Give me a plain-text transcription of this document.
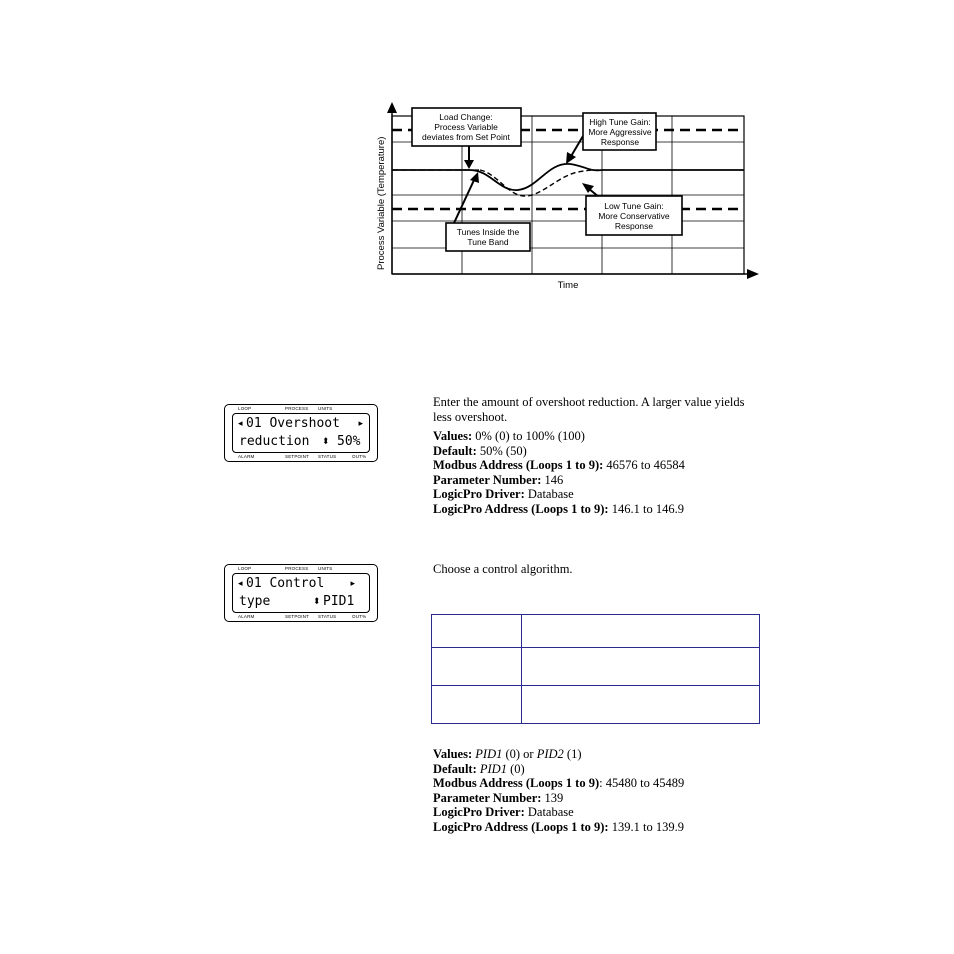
Load Change:
Process Variable
deviates from Set Point
High Tune Gain:
More Aggressive
Response
Low Tune Gain:
More Conservative
Response
Tunes Inside the
Tune Band
Process Variable (Temperature)
Time
LOOP	PROCESS UNITS
◂ 01 Overshoot	▸
reduction	⬍ 50%
ALARM	SETPOINT STATUS	OUT%
Enter the amount of overshoot reduction. A larger value yields less overshoot.
Values: 0% (0) to 100% (100)
Default: 50% (50)
Modbus Address (Loops 1 to 9): 46576 to 46584
Parameter Number: 146
LogicPro Driver: Database
LogicPro Address (Loops 1 to 9): 146.1 to 146.9
LOOP	PROCESS UNITS
◂ 01 Control	▸
type	⬍ PID1
ALARM	SETPOINT STATUS	OUT%
Choose a control algorithm.
Values: PID1 (0) or PID2 (1)
Default: PID1 (0)
Modbus Address (Loops 1 to 9): 45480 to 45489
Parameter Number: 139
LogicPro Driver: Database
LogicPro Address (Loops 1 to 9): 139.1 to 139.9
